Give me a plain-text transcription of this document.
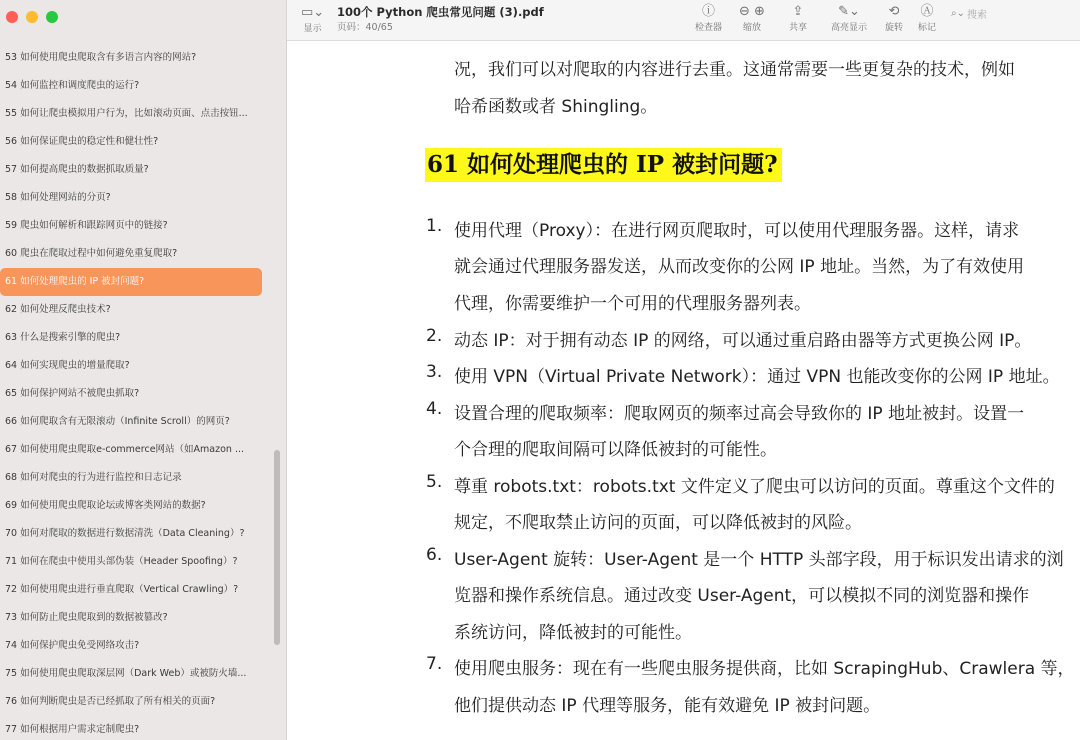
53 如何使用爬虫爬取含有多语言内容的网站?
54 如何监控和调度爬虫的运行?
55 如何让爬虫模拟用户行为，比如滚动页面、点击按钮...
56 如何保证爬虫的稳定性和健壮性?
57 如何提高爬虫的数据抓取质量?
58 如何处理网站的分页?
59 爬虫如何解析和跟踪网页中的链接?
60 爬虫在爬取过程中如何避免重复爬取?
61 如何处理爬虫的 IP 被封问题?
62 如何处理反爬虫技术?
63 什么是搜索引擎的爬虫?
64 如何实现爬虫的增量爬取?
65 如何保护网站不被爬虫抓取?
66 如何爬取含有无限滚动（Infinite Scroll）的网页?
67 如何使用爬虫爬取e-commerce网站（如Amazon ...
68 如何对爬虫的行为进行监控和日志记录
69 如何使用爬虫爬取论坛或博客类网站的数据?
70 如何对爬取的数据进行数据清洗（Data Cleaning）?
71 如何在爬虫中使用头部伪装（Header Spoofing）?
72 如何使用爬虫进行垂直爬取（Vertical Crawling）?
73 如何防止爬虫爬取到的数据被篡改?
74 如何保护爬虫免受网络攻击?
75 如何使用爬虫爬取深层网（Dark Web）或被防火墙...
76 如何判断爬虫是否已经抓取了所有相关的页面?
77 如何根据用户需求定制爬虫?
▭⌄
显示
100个 Python 爬虫常见问题 (3).pdf
页码：40/65
ⓘ
检查器
⊖ ⊕
缩放
⇪
共享
✎⌄
高亮显示
⟲
旋转
Ⓐ
标记
⌕⌄ 搜索
况，我们可以对爬取的内容进行去重。这通常需要一些更复杂的技术，例如
哈希函数或者 Shingling。
61 如何处理爬虫的 IP 被封问题?
1. 使用代理（Proxy）：在进行网页爬取时，可以使用代理服务器。这样，请求
就会通过代理服务器发送，从而改变你的公网 IP 地址。当然，为了有效使用
代理，你需要维护一个可用的代理服务器列表。
2. 动态 IP：对于拥有动态 IP 的网络，可以通过重启路由器等方式更换公网 IP。
3. 使用 VPN（Virtual Private Network）：通过 VPN 也能改变你的公网 IP 地址。
4. 设置合理的爬取频率：爬取网页的频率过高会导致你的 IP 地址被封。设置一
个合理的爬取间隔可以降低被封的可能性。
5. 尊重 robots.txt：robots.txt 文件定义了爬虫可以访问的页面。尊重这个文件的
规定，不爬取禁止访问的页面，可以降低被封的风险。
6. User-Agent 旋转：User-Agent 是一个 HTTP 头部字段，用于标识发出请求的浏
览器和操作系统信息。通过改变 User-Agent，可以模拟不同的浏览器和操作
系统访问，降低被封的可能性。
7. 使用爬虫服务：现在有一些爬虫服务提供商，比如 ScrapingHub、Crawlera 等，
他们提供动态 IP 代理等服务，能有效避免 IP 被封问题。
